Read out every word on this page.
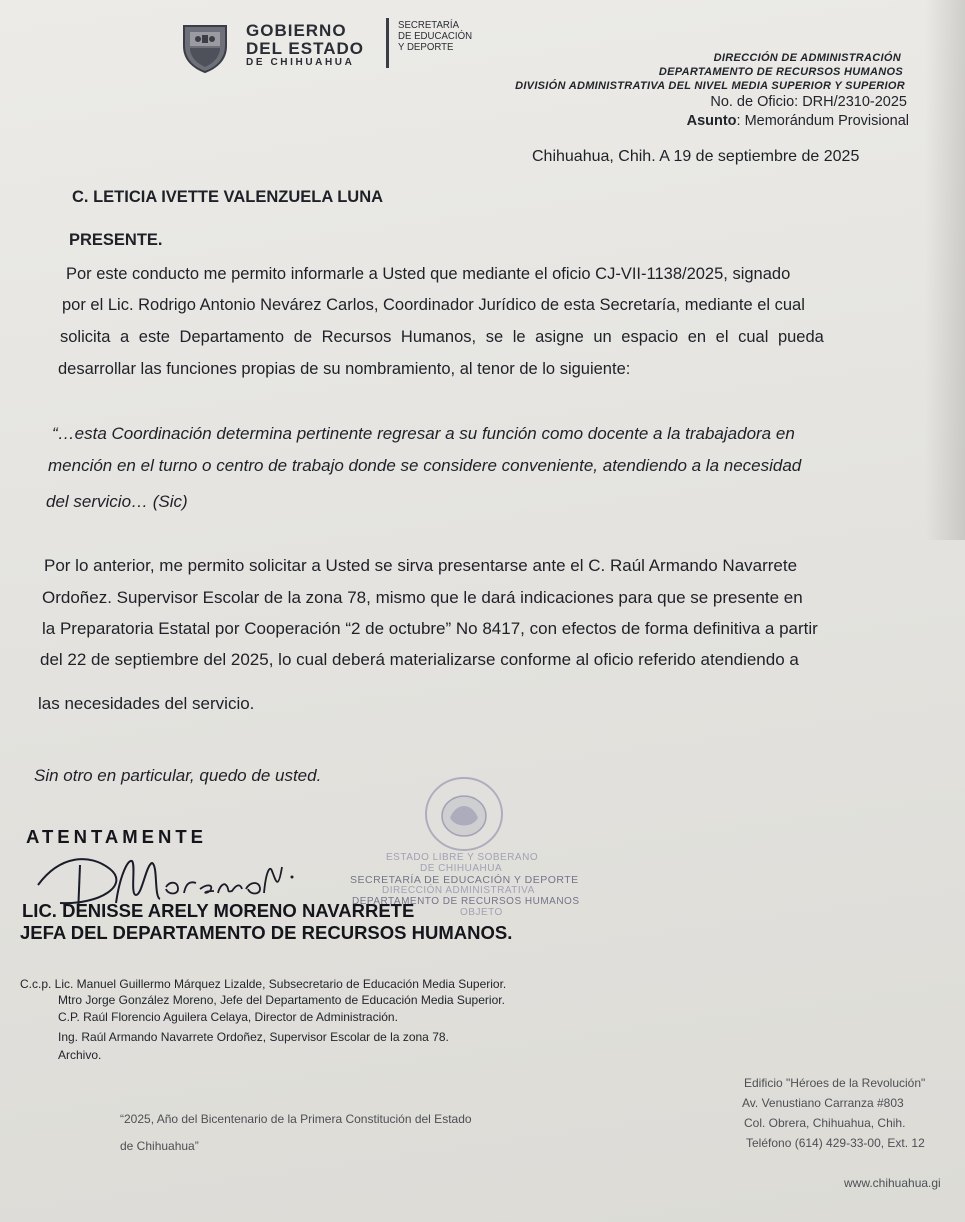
GOBIERNO
DEL ESTADO
DE CHIHUAHUA
SECRETARÍA
DE EDUCACIÓN
Y DEPORTE
DIRECCIÓN DE ADMINISTRACIÓN
DEPARTAMENTO DE RECURSOS HUMANOS
DIVISIÓN ADMINISTRATIVA DEL NIVEL MEDIA SUPERIOR Y SUPERIOR
No. de Oficio: DRH/2310-2025
Asunto: Memorándum Provisional
Chihuahua, Chih. A 19 de septiembre de 2025
C. LETICIA IVETTE VALENZUELA LUNA
PRESENTE.
Por este conducto me permito informarle a Usted que mediante el oficio CJ-VII-1138/2025, signado
por el Lic. Rodrigo Antonio Nevárez Carlos, Coordinador Jurídico de esta Secretaría, mediante el cual
solicita a este Departamento de Recursos Humanos, se le asigne un espacio en el cual pueda
desarrollar las funciones propias de su nombramiento, al tenor de lo siguiente:
“…esta Coordinación determina pertinente regresar a su función como docente a la trabajadora en
mención en el turno o centro de trabajo donde se considere conveniente, atendiendo a la necesidad
del servicio… (Sic)
Por lo anterior, me permito solicitar a Usted se sirva presentarse ante el C. Raúl Armando Navarrete
Ordoñez. Supervisor Escolar de la zona 78, mismo que le dará indicaciones para que se presente en
la Preparatoria Estatal por Cooperación “2 de octubre” No 8417, con efectos de forma definitiva a partir
del 22 de septiembre del 2025, lo cual deberá materializarse conforme al oficio referido atendiendo a
las necesidades del servicio.
Sin otro en particular, quedo de usted.
ESTADO LIBRE Y SOBERANO
DE CHIHUAHUA
SECRETARÍA DE EDUCACIÓN Y DEPORTE
DIRECCIÓN ADMINISTRATIVA
DEPARTAMENTO DE RECURSOS HUMANOS
OBJETO
ATENTAMENTE
LIC. DENISSE ARELY MORENO NAVARRETE
JEFA DEL DEPARTAMENTO DE RECURSOS HUMANOS.
C.c.p. Lic. Manuel Guillermo Márquez Lizalde, Subsecretario de Educación Media Superior.
Mtro Jorge González Moreno, Jefe del Departamento de Educación Media Superior.
C.P. Raúl Florencio Aguilera Celaya, Director de Administración.
Ing. Raúl Armando Navarrete Ordoñez, Supervisor Escolar de la zona 78.
Archivo.
“2025, Año del Bicentenario de la Primera Constitución del Estado
de Chihuahua”
Edificio "Héroes de la Revolución"
Av. Venustiano Carranza #803
Col. Obrera, Chihuahua, Chih.
Teléfono (614) 429-33-00, Ext. 12
www.chihuahua.gi
